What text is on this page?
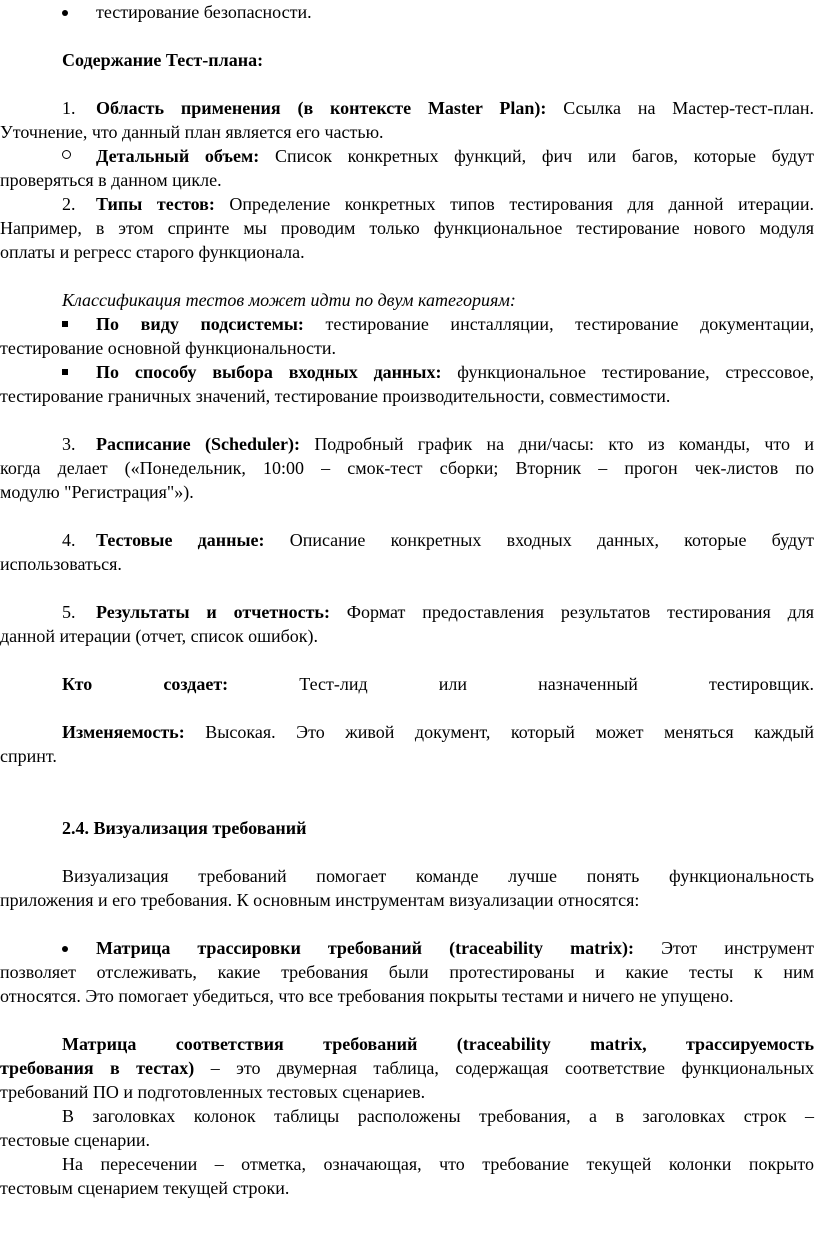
тестирование безопасности.
Содержание Тест-плана:
1. Область применения (в контексте Master Plan): Ссылка на Мастер-тест-план.
Уточнение, что данный план является его частью.
Детальный объем: Список конкретных функций, фич или багов, которые будут
проверяться в данном цикле.
2. Типы тестов: Определение конкретных типов тестирования для данной итерации.
Например, в этом спринте мы проводим только функциональное тестирование нового модуля
оплаты и регресс старого функционала.
Классификация тестов может идти по двум категориям:
По виду подсистемы: тестирование инсталляции, тестирование документации,
тестирование основной функциональности.
По способу выбора входных данных: функциональное тестирование, стрессовое,
тестирование граничных значений, тестирование производительности, совместимости.
3. Расписание (Scheduler): Подробный график на дни/часы: кто из команды, что и
когда делает («Понедельник, 10:00 – смок-тест сборки; Вторник – прогон чек-листов по
модулю "Регистрация"»).
4. Тестовые данные: Описание конкретных входных данных, которые будут
использоваться.
5. Результаты и отчетность: Формат предоставления результатов тестирования для
данной итерации (отчет, список ошибок).
Кто создает:	Тест-лид или назначенный тестировщик.
Изменяемость: Высокая. Это живой документ, который может меняться каждый
спринт.
2.4. Визуализация требований
Визуализация требований помогает команде лучше понять функциональность
приложения и его требования. К основным инструментам визуализации относятся:
Матрица трассировки требований (traceability matrix): Этот инструмент
позволяет отслеживать, какие требования были протестированы и какие тесты к ним
относятся. Это помогает убедиться, что все требования покрыты тестами и ничего не упущено.
Матрица соответствия требований (traceability matrix, трассируемость
требования в тестах) – это двумерная таблица, содержащая соответствие функциональных
требований ПО и подготовленных тестовых сценариев.
В заголовках колонок таблицы расположены требования, а в заголовках строк –
тестовые сценарии.
На пересечении – отметка, означающая, что требование текущей колонки покрыто
тестовым сценарием текущей строки.
